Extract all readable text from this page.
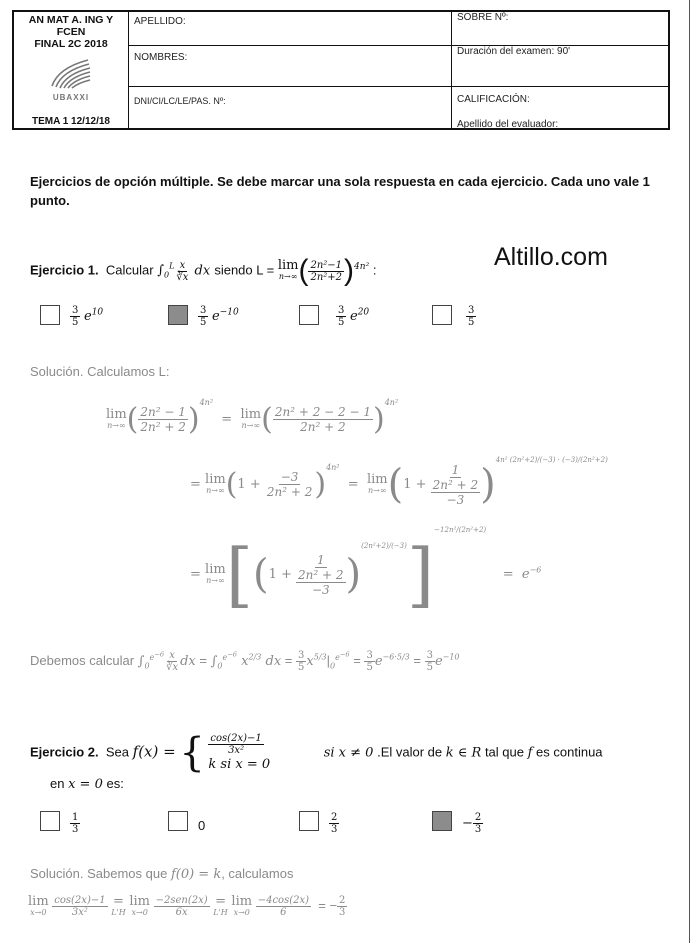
AN MAT A. ING Y
FCEN
FINAL 2C 2018
UBAXXI
TEMA 1 12/12/18
APELLIDO:
NOMBRES:
DNI/CI/LC/LE/PAS. Nº:
SOBRE Nº:
Duración del examen: 90'
CALIFICACIÓN:
Apellido del evaluador:
Ejercicios de opción múltiple. Se debe marcar una sola respuesta en cada ejercicio. Cada uno vale 1 punto.
Altillo.com
Ejercicio 1. Calcular $\int_0^L \frac{x}{∛x}$ dx siendo L = lim
n→∞ ( $\frac{\text{2n²−1}}{\text{2n²+2}} )^{4n^2}$ :
$\frac{3}{5} e^{10}$	$\frac{3}{5} e^{-10}$	$\frac{3}{5} e^{20}$	$\frac{3}{5}$
Solución. Calculamos L:
lim
n→∞ ( $\frac{\text{2n² − 1}}{\text{2n² + 2}} )^{4n^2} = \lim$
n→∞ ( $\frac{\text{2n² + 2 − 2 − 1}}{\text{2n² + 2}} )^{4n^2}$
= lim
n→∞ $(1 + \frac{-3}{\text{2n² + 2}} )^{4n^2} = \lim$
n→∞ (1 +
1
2n² + 2
−3 )$^{4n^2 (2n^2+2)/(-3) \cdot (-3)/(2n^2+2)}$
= lim
n→∞ [(1 +
1
2n² + 2
−3 )$^{(2n^2+2)/(-3)}$]$^{-12n^2/(2n^2+2)}$    =  $e^{-6}$
Debemos calcular $\int_0^{e^{-6}} \frac{x}{∛x}$ dx = $\int_0^{e^{-6}}$ $x^{2/3}$ dx = $\frac{3}{5} x^{5/3}|_0^{e^{-6}} = \frac{3}{5} e^{-6\cdot 5/3} = \frac{3}{5} e^{-10}$
Ejercicio 2. Sea f(x) = { $\frac{\cos(2x)-1}{\text{3x²}}$

k si x = 0       si x ≠ 0 .El valor de k ∈ R tal que f es continua
en x = 0 es:
$\frac{1}{3}$	0	$\frac{2}{3}$	− $\frac{2}{3}$
Solución. Sabemos que f(0) = k, calculamos
lim
x→0
$\frac{\cos(2x)-1}{\text{3x²}}$
=
L'H

lim
x→0
$\frac{\text{−2sen(2x)}}{6x}$
=
L'H

lim
x→0
$\frac{-4\cos(2x)}{6}$ = − $\frac{2}{3}$
